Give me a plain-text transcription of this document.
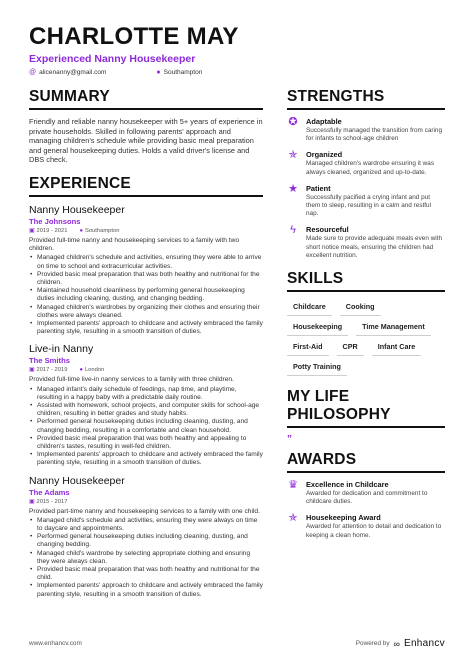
CHARLOTTE MAY
Experienced Nanny Housekeeper
@ alicenanny@gmail.com	● Southampton
SUMMARY
Friendly and reliable nanny housekeeper with 5+ years of experience in private households. Skilled in following parents' approach and managing children's schedule while providing basic meal preparation and general housekeeping duties. Holds a valid driver's license and DBS check.
EXPERIENCE
Nanny Housekeeper
The Johnsons
▣ 2019 - 2021 ● Southampton
Provided full-time nanny and housekeeping services to a family with two children.
• Managed children's schedule and activities, ensuring they were able to arrive on time to school and extracurricular activities.
• Provided basic meal preparation that was both healthy and nutritional for the children.
• Maintained household cleanliness by performing general housekeeping duties including cleaning, dusting, and changing bedding.
• Managed children's wardrobes by organizing their clothes and ensuring their clothes were always cleaned.
• Implemented parents' approach to childcare and actively embraced the family parenting style, resulting in a smooth transition of duties.
Live-in Nanny
The Smiths
▣ 2017 - 2019 ● London
Provided full-time live-in nanny services to a family with three children.
• Managed infant's daily schedule of feedings, nap time, and playtime, resulting in a happy baby with a predictable daily routine.
• Assisted with homework, school projects, and computer skills for school-age children, resulting in better grades and study habits.
• Performed general housekeeping duties including cleaning, dusting, and changing bedding, resulting in a comfortable and clean household.
• Provided basic meal preparation that was both healthy and appealing to children's tastes, resulting in well-fed children.
• Implemented parents' approach to childcare and actively embraced the family parenting style, resulting in a smooth transition of duties.
Nanny Housekeeper
The Adams
▣ 2015 - 2017
Provided part-time nanny and housekeeping services to a family with one child.
• Managed child's schedule and activities, ensuring they were always on time to daycare and appointments.
• Performed general housekeeping duties including cleaning, dusting, and changing bedding.
• Managed child's wardrobe by selecting appropriate clothing and ensuring they were always clean.
• Provided basic meal preparation that was both healthy and nutritional for the child.
• Implemented parents' approach to childcare and actively embraced the family parenting style, resulting in a smooth transition of duties.
STRENGTHS
✪ Adaptable
Successfully managed the transition from caring for infants to school-age children
✯ Organized
Managed children's wardrobe ensuring it was always cleaned, organized and up-to-date.
★ Patient
Successfully pacified a crying infant and put them to sleep, resulting in a calm and restful nap.
ϟ	Resourceful
Made sure to provide adequate meals even with short notice meals, ensuring the children had excellent nutrition.
SKILLS
Childcare	Cooking
Housekeeping	Time Management
First-Aid	CPR	Infant Care
Potty Training
MY LIFE PHILOSOPHY
”
AWARDS
♛ Excellence in Childcare
Awarded for dedication and commitment to childcare duties.
✯ Housekeeping Award
Awarded for attention to detail and dedication to keeping a clean home.
www.enhancv.com	Powered by ∞ Enhancv
